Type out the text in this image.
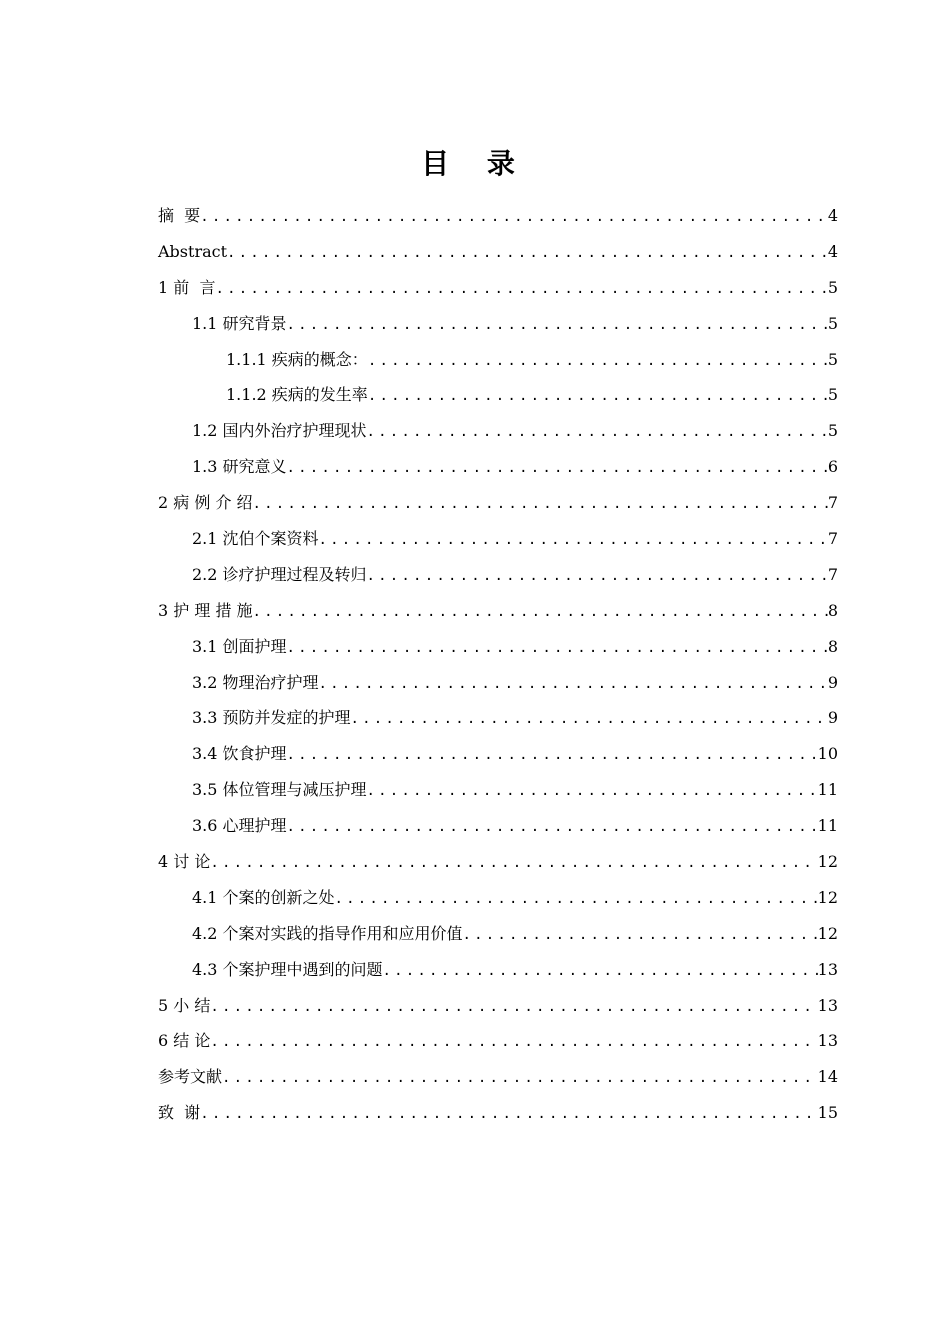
目 录
摘  要 .....	4
Abstract .....	4
1 前  言 .....	5
1.1 研究背景 .....	5
1.1.1 疾病的概念： .....	5
1.1.2 疾病的发生率 .....	5
1.2 国内外治疗护理现状 .....	5
1.3 研究意义 .....	6
2 病 例 介 绍 .....	7
2.1 沈伯个案资料 .....	7
2.2 诊疗护理过程及转归 .....	7
3 护 理 措 施 .....	8
3.1 创面护理 .....	8
3.2 物理治疗护理 .....	9
3.3 预防并发症的护理 .....	9
3.4 饮食护理 .....	10
3.5 体位管理与减压护理 .....	11
3.6 心理护理 .....	11
4 讨 论 .....	12
4.1 个案的创新之处 .....	12
4.2 个案对实践的指导作用和应用价值 .....	12
4.3 个案护理中遇到的问题 .....	13
5 小 结 .....	13
6 结 论 .....	13
参考文献 .....	14
致  谢 .....	15
